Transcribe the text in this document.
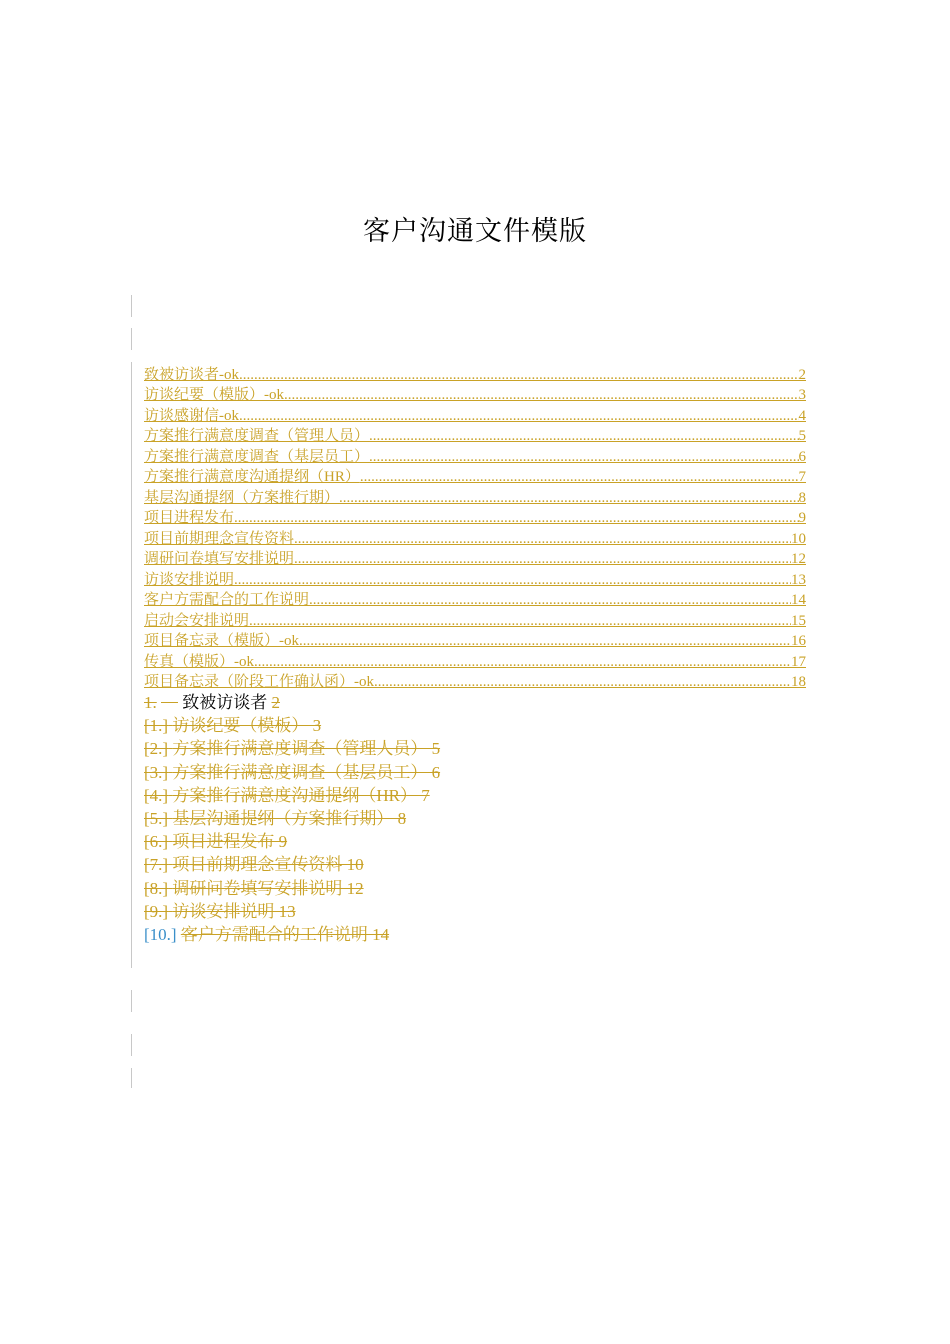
客户沟通文件模版
致被访谈者-ok .....	2
访谈纪要（模版）-ok .....	3
访谈感谢信-ok .....	4
方案推行满意度调查（管理人员） .....	5
方案推行满意度调查（基层员工） .....	6
方案推行满意度沟通提纲（HR） .....	7
基层沟通提纲（方案推行期） .....	8
项目进程发布 .....	9
项目前期理念宣传资料 .....	10
调研问卷填写安排说明 .....	12
访谈安排说明 .....	13
客户方需配合的工作说明 .....	14
启动会安排说明 .....	15
项目备忘录（模版）-ok .....	16
传真（模版）-ok .....	17
项目备忘录（阶段工作确认函）-ok .....	18
1. 致被访谈者 2
[1.] 访谈纪要（模板） 3
[2.] 方案推行满意度调查（管理人员） 5
[3.] 方案推行满意度调查（基层员工） 6
[4.] 方案推行满意度沟通提纲（HR） 7
[5.] 基层沟通提纲（方案推行期） 8
[6.] 项目进程发布 9
[7.] 项目前期理念宣传资料 10
[8.] 调研问卷填写安排说明 12
[9.] 访谈安排说明 13
[10.] 客户方需配合的工作说明 14
